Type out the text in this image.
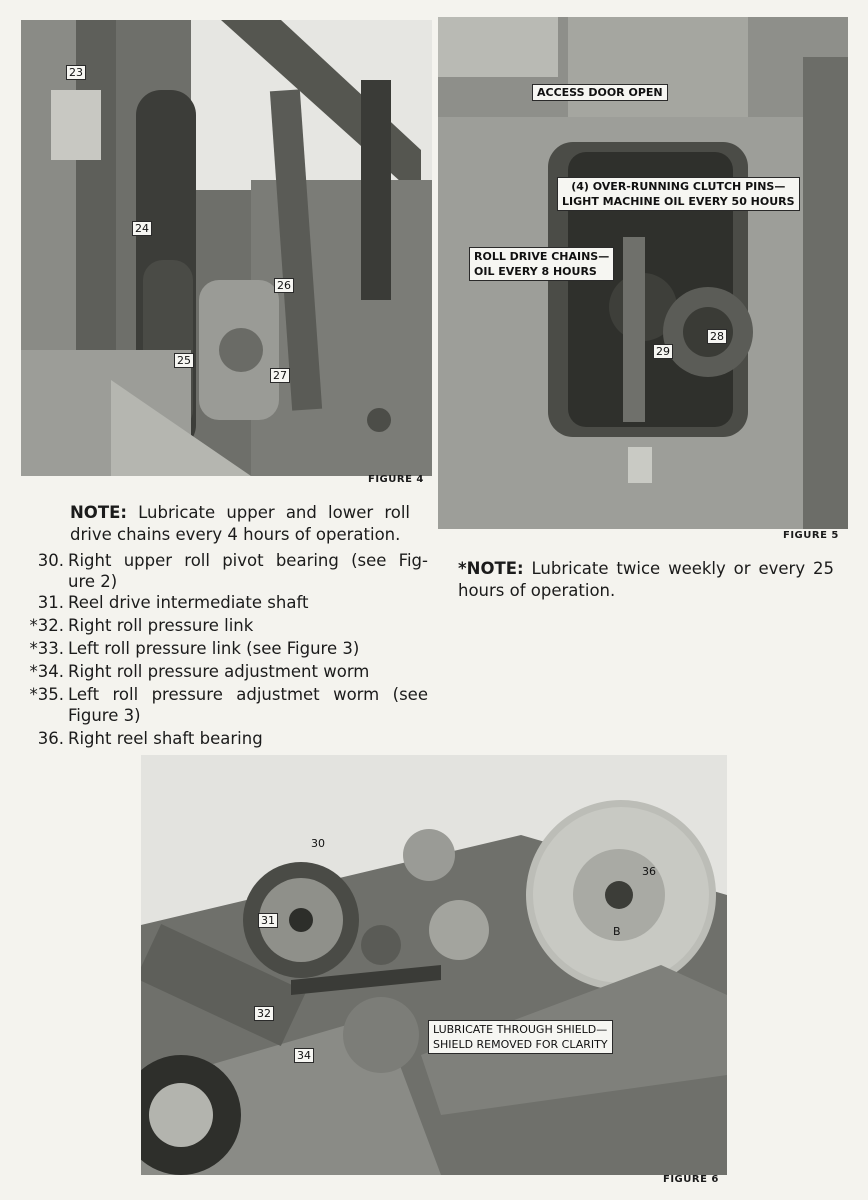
23
24
25
26
27
FIGURE 4
ACCESS DOOR OPEN
(4) OVER-RUNNING CLUTCH PINS—
LIGHT MACHINE OIL EVERY 50 HOURS
ROLL DRIVE CHAINS—
OIL EVERY 8 HOURS
29
28
FIGURE 5
NOTE: Lubricate upper and lower roll
drive chains every 4 hours of operation.
*NOTE: Lubricate twice weekly or every 25
hours of operation.
30. Right upper roll pivot bearing (see Fig-
ure 2)
31. Reel drive intermediate shaft
*32. Right roll pressure link
*33. Left roll pressure link (see Figure 3)
*34. Right roll pressure adjustment worm
*35. Left roll pressure adjustmet worm (see
Figure 3)
36. Right reel shaft bearing
30
31
32
34
36
B
LUBRICATE THROUGH SHIELD—
SHIELD REMOVED FOR CLARITY
FIGURE 6
